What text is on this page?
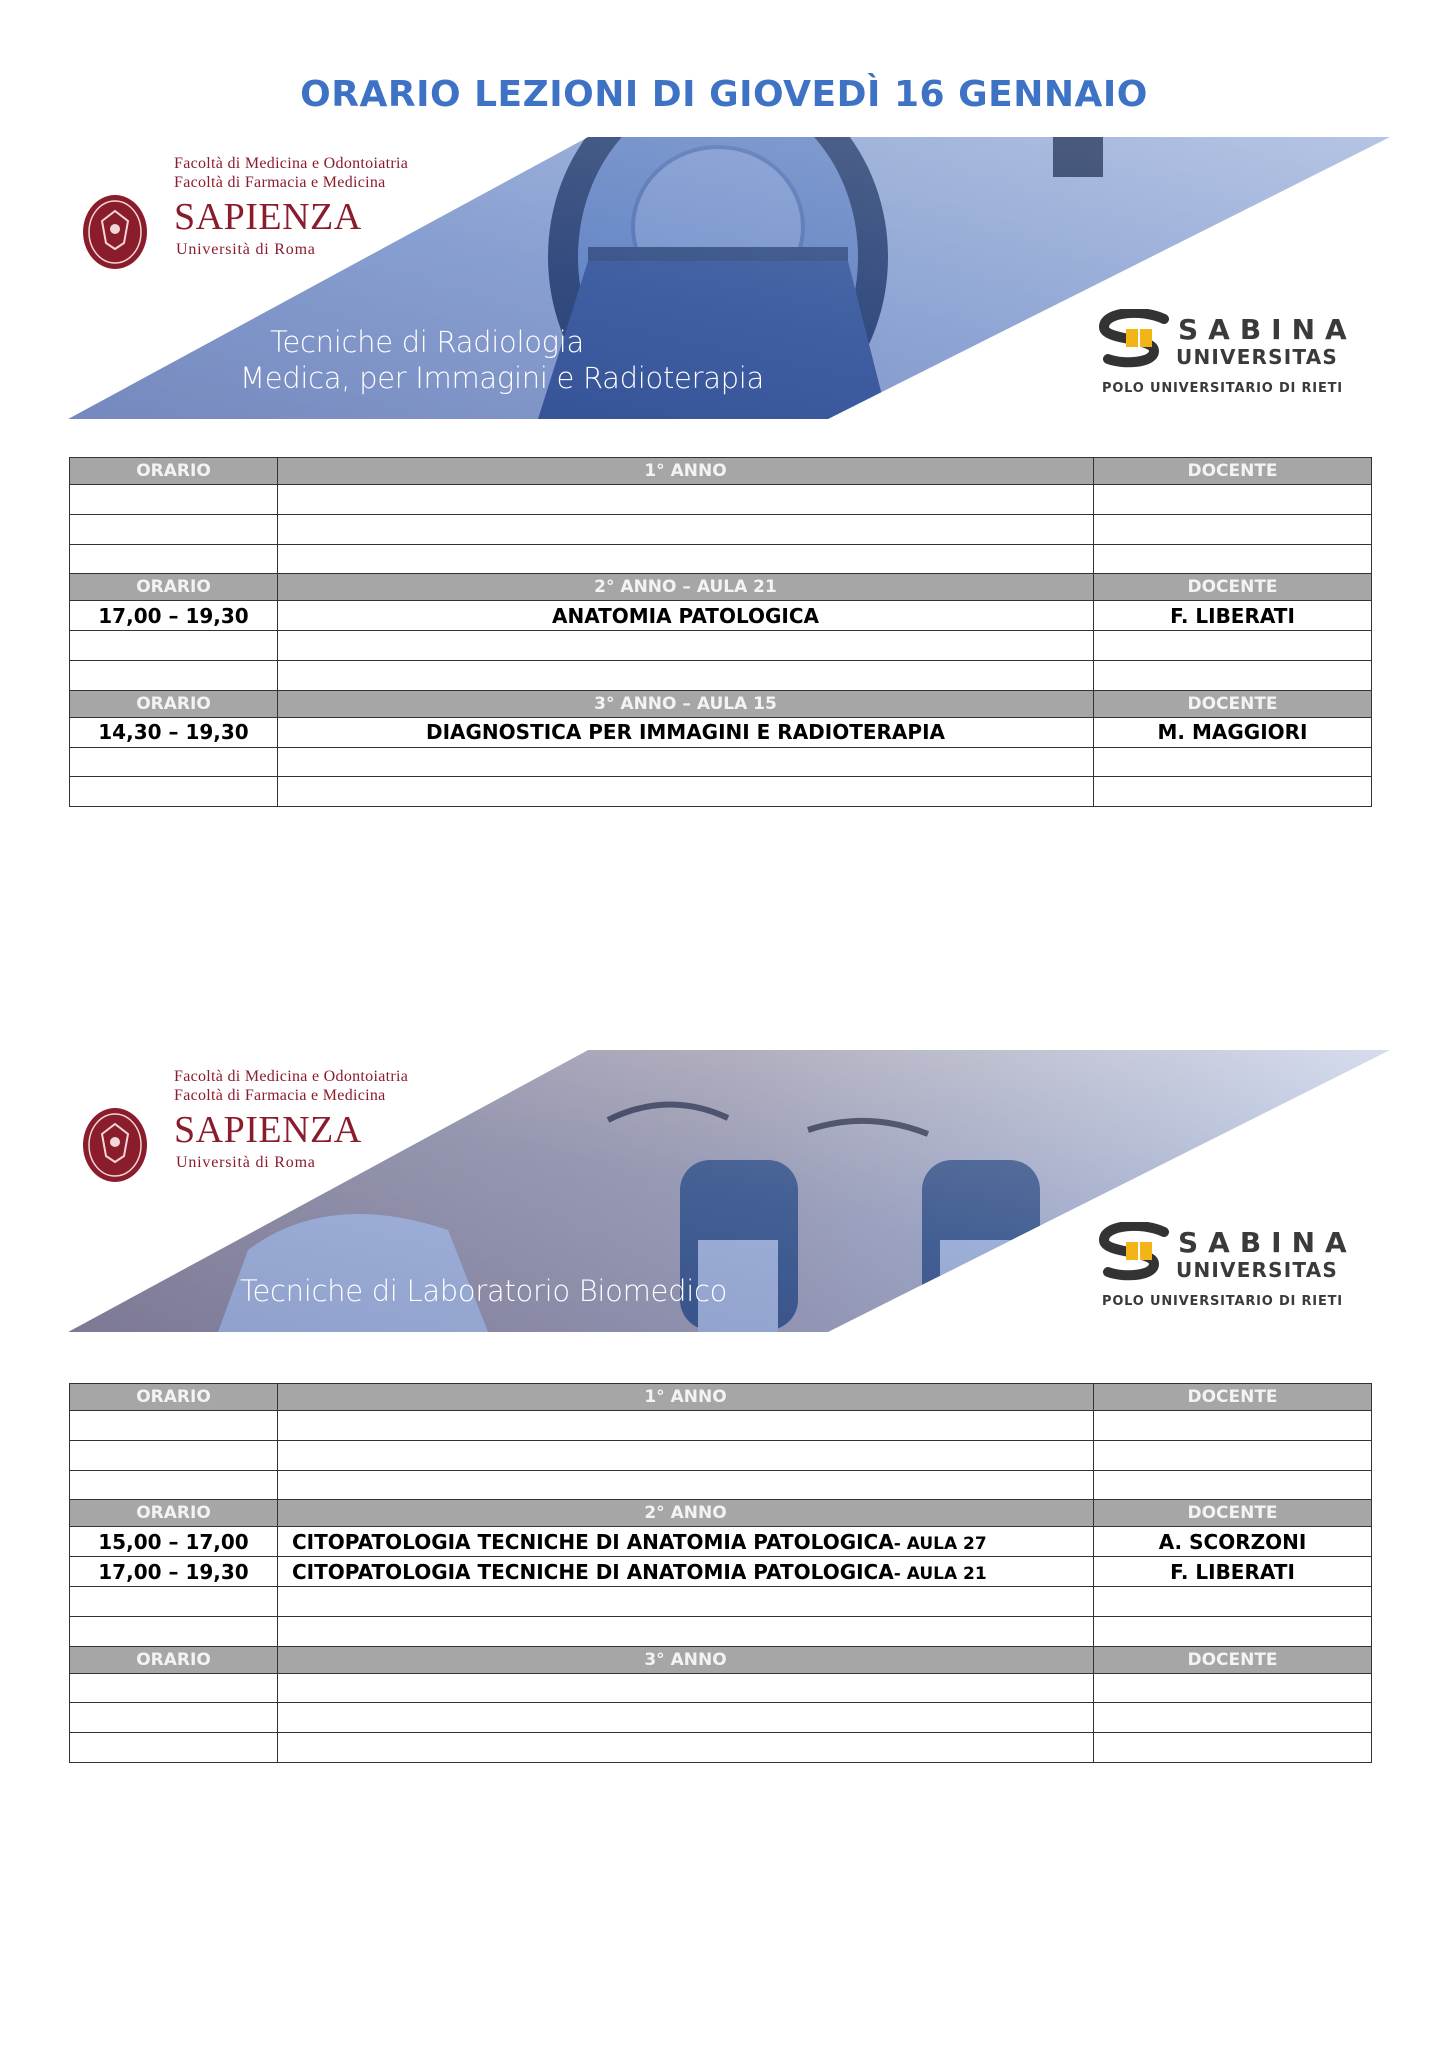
ORARIO LEZIONI DI GIOVEDÌ 16 GENNAIO
Facoltà di Medicina e Odontoiatria
Facoltà di Farmacia e Medicina
SAPIENZA
Università di Roma
Tecniche di Radiologia
Medica, per Immagini e Radioterapia
SABINA
UNIVERSITAS
POLO UNIVERSITARIO DI RIETI
ORARIO	1° ANNO	DOCENTE

ORARIO	2° ANNO – AULA 21	DOCENTE
17,00 – 19,30	ANATOMIA PATOLOGICA	F. LIBERATI

ORARIO	3° ANNO – AULA 15	DOCENTE
14,30 – 19,30	DIAGNOSTICA PER IMMAGINI E RADIOTERAPIA	M. MAGGIORI

Facoltà di Medicina e Odontoiatria
Facoltà di Farmacia e Medicina
SAPIENZA
Università di Roma
Tecniche di Laboratorio Biomedico
SABINA
UNIVERSITAS
POLO UNIVERSITARIO DI RIETI
ORARIO	1° ANNO	DOCENTE

ORARIO	2° ANNO	DOCENTE
15,00 – 17,00	CITOPATOLOGIA TECNICHE DI ANATOMIA PATOLOGICA- AULA 27	A. SCORZONI
17,00 – 19,30	CITOPATOLOGIA TECNICHE DI ANATOMIA PATOLOGICA- AULA 21	F. LIBERATI

ORARIO	3° ANNO	DOCENTE
